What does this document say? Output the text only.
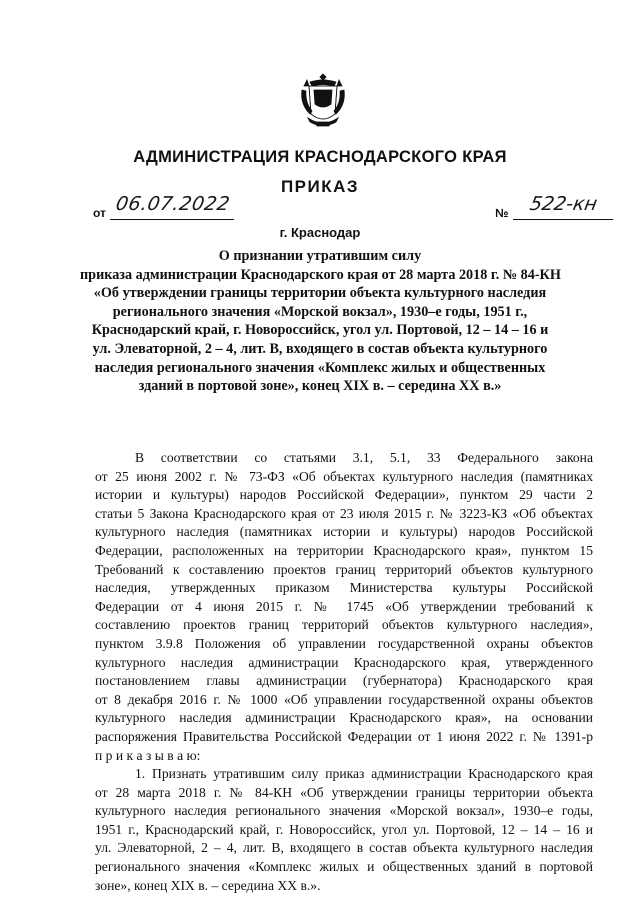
АДМИНИСТРАЦИЯ КРАСНОДАРСКОГО КРАЯ
ПРИКАЗ
от 06.07.2022	№ 522-кн
г. Краснодар
О признании утратившим силу
приказа администрации Краснодарского края от 28 марта 2018 г. № 84-КН
«Об утверждении границы территории объекта культурного наследия
регионального значения «Морской вокзал», 1930–е годы, 1951 г.,
Краснодарский край, г. Новороссийск, угол ул. Портовой, 12 – 14 – 16 и
ул. Элеваторной, 2 – 4, лит. В, входящего в состав объекта культурного
наследия регионального значения «Комплекс жилых и общественных
зданий в портовой зоне», конец XIX в. – середина XX в.»
В соответствии со статьями 3.1, 5.1, 33 Федерального закона
от 25 июня 2002 г. № 73-ФЗ «Об объектах культурного наследия (памятниках
истории и культуры) народов Российской Федерации», пунктом 29 части 2
статьи 5 Закона Краснодарского края от 23 июля 2015 г. № 3223-КЗ «Об объектах
культурного наследия (памятниках истории и культуры) народов Российской
Федерации, расположенных на территории Краснодарского края», пунктом 15
Требований к составлению проектов границ территорий объектов культурного
наследия, утвержденных приказом Министерства культуры Российской
Федерации от 4 июня 2015 г. № 1745 «Об утверждении требований к
составлению проектов границ территорий объектов культурного наследия»,
пунктом 3.9.8 Положения об управлении государственной охраны объектов
культурного наследия администрации Краснодарского края, утвержденного
постановлением главы администрации (губернатора) Краснодарского края
от 8 декабря 2016 г. № 1000 «Об управлении государственной охраны объектов
культурного наследия администрации Краснодарского края», на основании
распоряжения Правительства Российской Федерации от 1 июня 2022 г. № 1391-р
п р и к а з ы в а ю:
1. Признать утратившим силу приказ администрации Краснодарского края
от 28 марта 2018 г. № 84-КН «Об утверждении границы территории объекта
культурного наследия регионального значения «Морской вокзал», 1930–е годы,
1951 г., Краснодарский край, г. Новороссийск, угол ул. Портовой, 12 – 14 – 16 и
ул. Элеваторной, 2 – 4, лит. В, входящего в состав объекта культурного наследия
регионального значения «Комплекс жилых и общественных зданий в портовой
зоне», конец XIX в. – середина XX в.».
